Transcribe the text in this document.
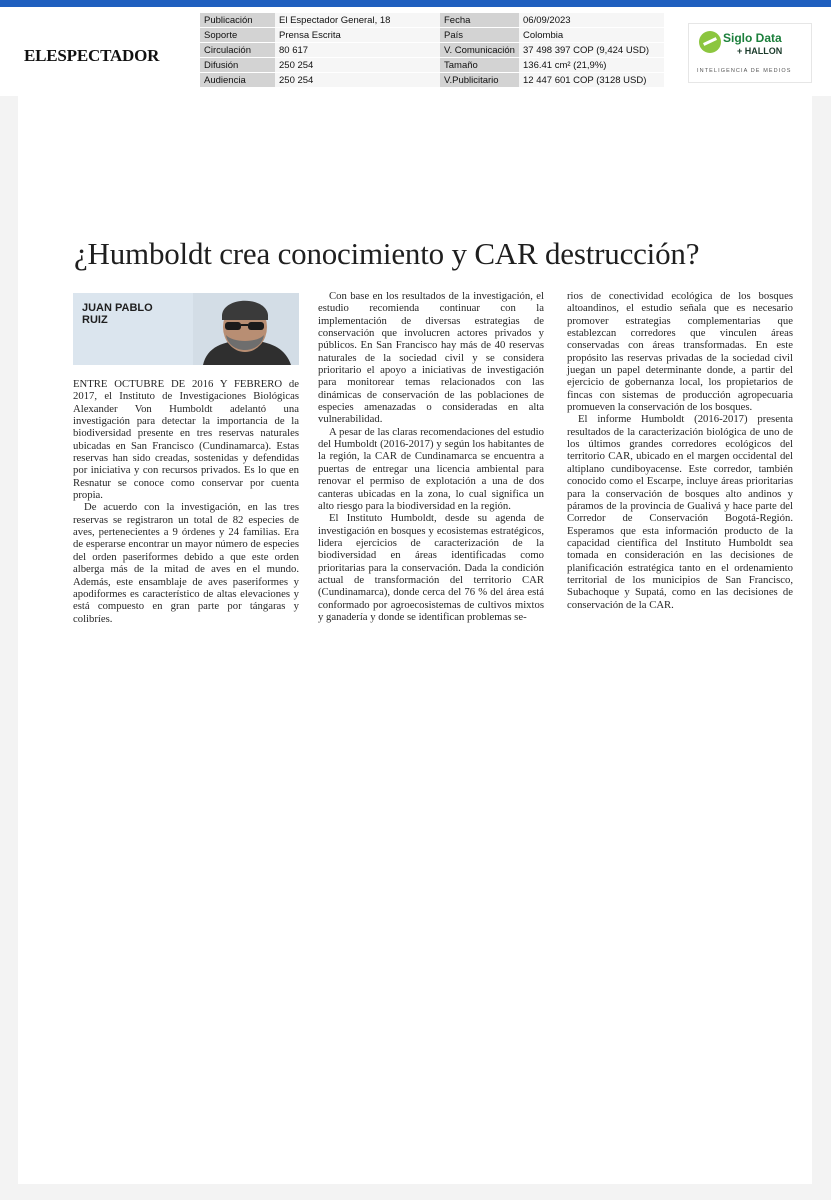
ELESPECTADOR
Publicación	El Espectador General, 18
Soporte	Prensa Escrita
Circulación	80 617
Difusión	250 254
Audiencia	250 254
Fecha	06/09/2023
País	Colombia
V. Comunicación	37 498 397 COP (9,424 USD)
Tamaño	136.41 cm² (21,9%)
V.Publicitario	12 447 601 COP (3128 USD)
Siglo Data
+ HALLON
INTELIGENCIA DE MEDIOS
¿Humboldt crea conocimiento y CAR destrucción?
JUAN PABLO RUIZ

ENTRE OCTUBRE DE 2016 Y FEBRERO de 2017, el Instituto de Investigaciones Biológicas Alexander Von Humboldt adelantó una investigación para detectar la importancia de la biodiversidad presente en tres reservas naturales ubicadas en San Francisco (Cundinamarca). Estas reservas han sido creadas, sostenidas y defendidas por iniciativa y con recursos privados. Es lo que en Resnatur se conoce como conservar por cuenta propia.

De acuerdo con la investigación, en las tres reservas se registraron un total de 82 especies de aves, pertenecientes a 9 órdenes y 24 familias. Era de esperarse encontrar un mayor número de especies del orden paseriformes debido a que este orden alberga más de la mitad de aves en el mundo. Además, este ensamblaje de aves paseriformes y apodiformes es característico de altas elevaciones y está compuesto en gran parte por tángaras y colibríes.

Con base en los resultados de la investigación, el estudio recomienda continuar con la implementación de diversas estrategias de conservación que involucren actores privados y públicos. En San Francisco hay más de 40 reservas naturales de la sociedad civil y se considera prioritario el apoyo a iniciativas de investigación para monitorear temas relacionados con las dinámicas de conservación de las poblaciones de especies amenazadas o consideradas en alta vulnerabilidad.

A pesar de las claras recomendaciones del estudio del Humboldt (2016-2017) y según los habitantes de la región, la CAR de Cundinamarca se encuentra a puertas de entregar una licencia ambiental para renovar el permiso de explotación a una de dos canteras ubicadas en la zona, lo cual significa un alto riesgo para la biodiversidad en la región.

El Instituto Humboldt, desde su agenda de investigación en bosques y ecosistemas estratégicos, lidera ejercicios de caracterización de la biodiversidad en áreas identificadas como prioritarias para la conservación. Dada la condición actual de transformación del territorio CAR (Cundinamarca), donde cerca del 76 % del área está conformado por agroecosistemas de cultivos mixtos y ganadería y donde se identifican problemas se-

rios de conectividad ecológica de los bosques altoandinos, el estudio señala que es necesario promover estrategias complementarias que establezcan corredores que vinculen áreas conservadas con áreas transformadas. En este propósito las reservas privadas de la sociedad civil juegan un papel determinante donde, a partir del ejercicio de gobernanza local, los propietarios de fincas con sistemas de producción agropecuaria promueven la conservación de los bosques.

El informe Humboldt (2016-2017) presenta resultados de la caracterización biológica de uno de los últimos grandes corredores ecológicos del territorio CAR, ubicado en el margen occidental del altiplano cundiboyacense. Este corredor, también conocido como el Escarpe, incluye áreas prioritarias para la conservación de bosques alto andinos y páramos de la provincia de Gualivá y hace parte del Corredor de Conservación Bogotá-Región. Esperamos que esta información producto de la capacidad científica del Instituto Humboldt sea tomada en consideración en las decisiones de planificación estratégica tanto en el ordenamiento territorial de los municipios de San Francisco, Subachoque y Supatá, como en las decisiones de conservación de la CAR.
